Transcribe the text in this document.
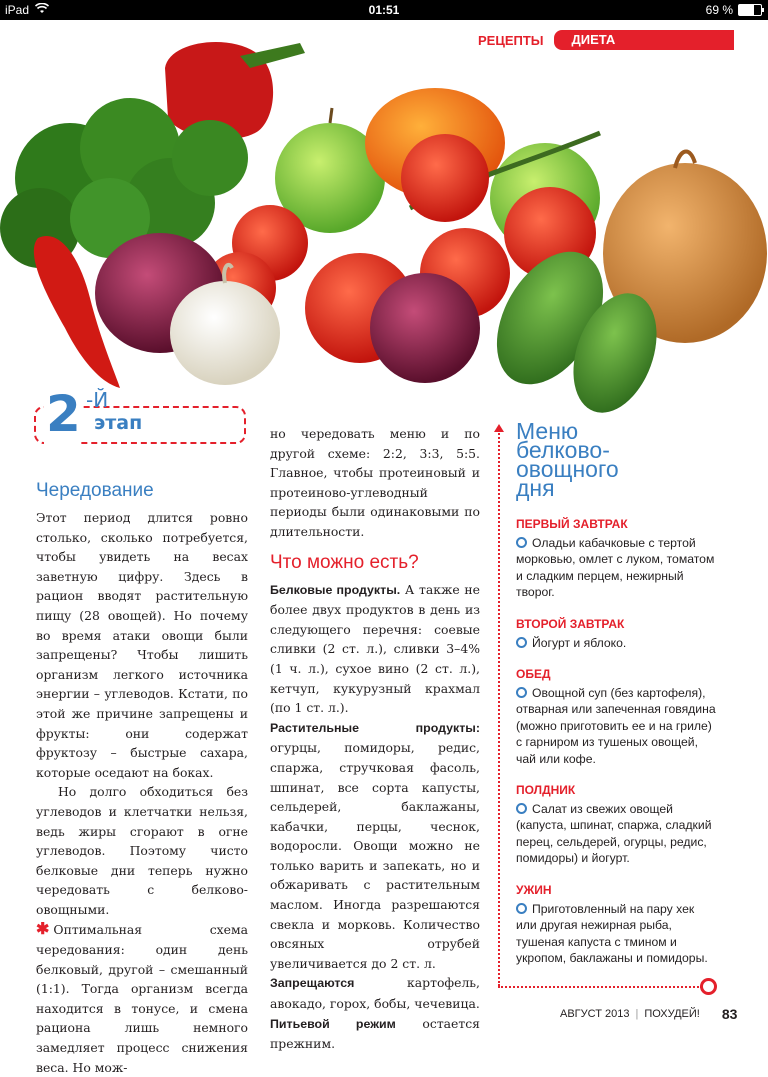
iPad	01:51	69 %
РЕЦЕПТЫ	ДИЕТА
2 -Й
этап
Чередование

Этот период длится ровно столько, сколько потребуется, чтобы увидеть на весах заветную цифру. Здесь в рацион вводят растительную пищу (28 овощей). Но почему во время атаки овощи были запрещены? Чтобы лишить организм легкого источника энергии – углеводов. Кстати, по этой же причине запрещены и фрукты: они содержат фруктозу – быстрые сахара, которые оседают на боках.

Но долго обходиться без углеводов и клетчатки нельзя, ведь жиры сгорают в огне углеводов. Поэтому чисто белковые дни теперь нужно чередовать с белково-овощными.

✱ Оптимальная схема чередования: один день белковый, другой – смешанный (1:1). Тогда организм всегда находится в тонусе, и смена рациона лишь немного замедляет процесс снижения веса. Но мож-

но чередовать меню и по другой схеме: 2:2, 3:3, 5:5. Главное, чтобы протеиновый и протеиново-углеводный периоды были одинаковыми по длительности.

Что можно есть?

Белковые продукты. А также не более двух продуктов в день из следующего перечня: соевые сливки (2 ст. л.), сливки 3–4% (1 ч. л.), сухое вино (2 ст. л.), кетчуп, кукурузный крахмал (по 1 ст. л.).

Растительные продукты: огурцы, помидоры, редис, спаржа, стручковая фасоль, шпинат, все сорта капусты, сельдерей, баклажаны, кабачки, перцы, чеснок, водоросли. Овощи можно не только варить и запекать, но и обжаривать с растительным маслом. Иногда разрешаются свекла и морковь. Количество овсяных отрубей увеличивается до 2 ст. л.

Запрещаются картофель, авокадо, горох, бобы, чечевица.

Питьевой режим остается прежним.

Меню
белково-
овощного
дня
ПЕРВЫЙ ЗАВТРАК
Оладьи кабачковые с тертой морковью, омлет с луком, томатом и сладким перцем, нежирный творог.
ВТОРОЙ ЗАВТРАК
Йогурт и яблоко.
ОБЕД
Овощной суп (без картофеля), отварная или запеченная говядина (можно приготовить ее и на гриле) с гарниром из тушеных овощей, чай или кофе.
ПОЛДНИК
Салат из свежих овощей (капуста, шпинат, спаржа, сладкий перец, сельдерей, огурцы, редис, помидоры) и йогурт.
УЖИН
Приготовленный на пару хек или другая нежирная рыба, тушеная капуста с тмином и укропом, баклажаны и помидоры.
АВГУСТ 2013 | ПОХУДЕЙ! 83
